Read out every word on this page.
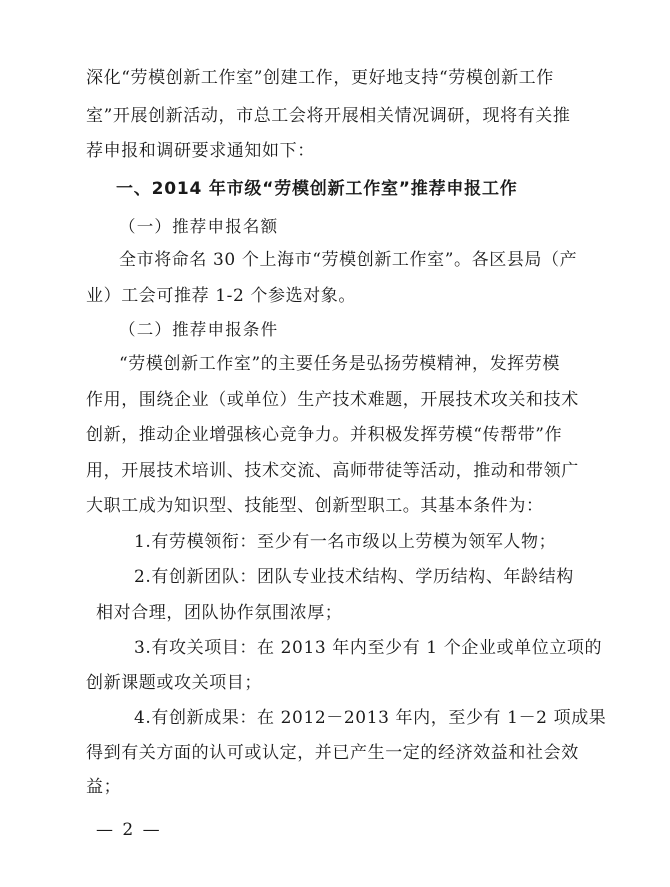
深化“劳模创新工作室”创建工作，更好地支持“劳模创新工作
室”开展创新活动，市总工会将开展相关情况调研，现将有关推
荐申报和调研要求通知如下：
一、2014 年市级“劳模创新工作室”推荐申报工作
（一）推荐申报名额
全市将命名 30 个上海市“劳模创新工作室”。各区县局（产
业）工会可推荐 1-2 个参选对象。
（二）推荐申报条件
“劳模创新工作室”的主要任务是弘扬劳模精神，发挥劳模
作用，围绕企业（或单位）生产技术难题，开展技术攻关和技术
创新，推动企业增强核心竞争力。并积极发挥劳模“传帮带”作
用，开展技术培训、技术交流、高师带徒等活动，推动和带领广
大职工成为知识型、技能型、创新型职工。其基本条件为：
1.有劳模领衔：至少有一名市级以上劳模为领军人物；
2.有创新团队：团队专业技术结构、学历结构、年龄结构
相对合理，团队协作氛围浓厚；
3.有攻关项目：在 2013 年内至少有 1 个企业或单位立项的
创新课题或攻关项目；
4.有创新成果：在 2012－2013 年内，至少有 1－2 项成果
得到有关方面的认可或认定，并已产生一定的经济效益和社会效
益；
— 2 —
